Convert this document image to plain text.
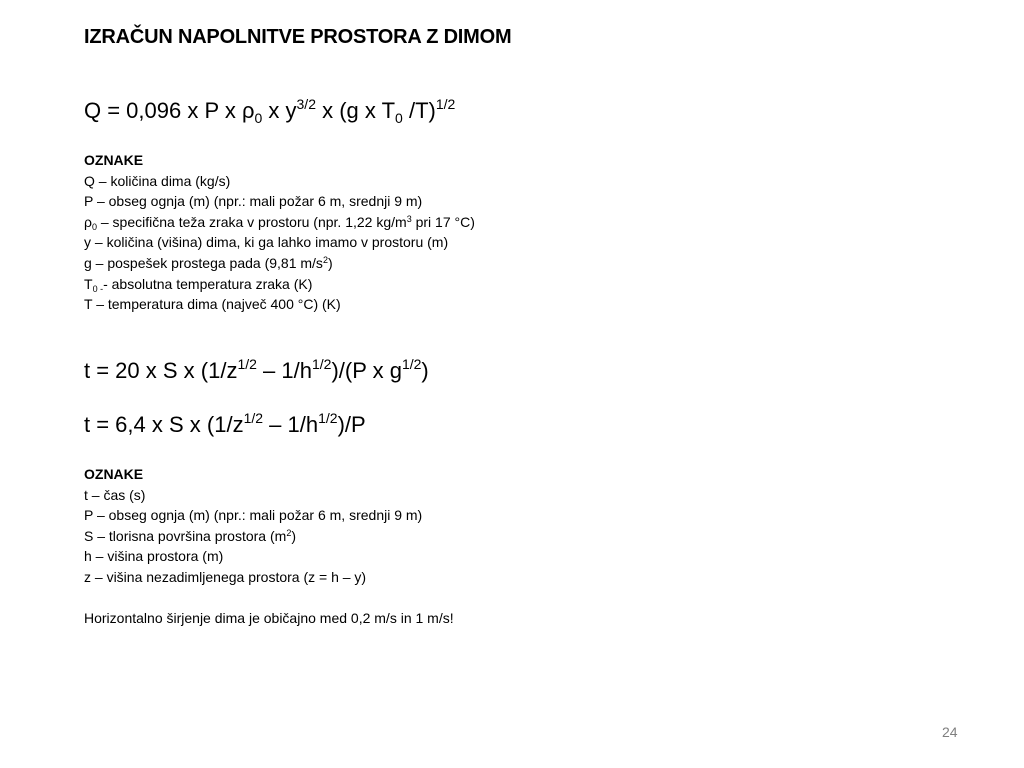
IZRAČUN NAPOLNITVE PROSTORA Z DIMOM
Q = 0,096 x P x $\rho_0$ x $y^{3/2}$ x (g x $T_0$ /T)$^{1/2}$
OZNAKE
Q – količina dima (kg/s)
P – obseg ognja (m) (npr.: mali požar 6 m, srednji 9 m)
$\rho_0$ – specifična teža zraka v prostoru (npr. 1,22 $kg/m^3$ pri 17 °C)
y – količina (višina) dima, ki ga lahko imamo v prostoru (m)
g – pospešek prostega pada (9,81 $m/s^2$)
$T_{0 -}-$ absolutna temperatura zraka (K)
T – temperatura dima (največ 400 °C) (K)
t = 20 x S x $(1/z^{1/2} - 1/h^{1/2})/(P$ x $g^{1/2}$)
t = 6,4 x S x $(1/z^{1/2} - 1/h^{1/2})/P$
OZNAKE
t – čas (s)
P – obseg ognja (m) (npr.: mali požar 6 m, srednji 9 m)
S – tlorisna površina prostora $(m^2)$
h – višina prostora (m)
z – višina nezadimljenega prostora (z = h – y)

Horizontalno širjenje dima je običajno med 0,2 m/s in 1 m/s!
24
